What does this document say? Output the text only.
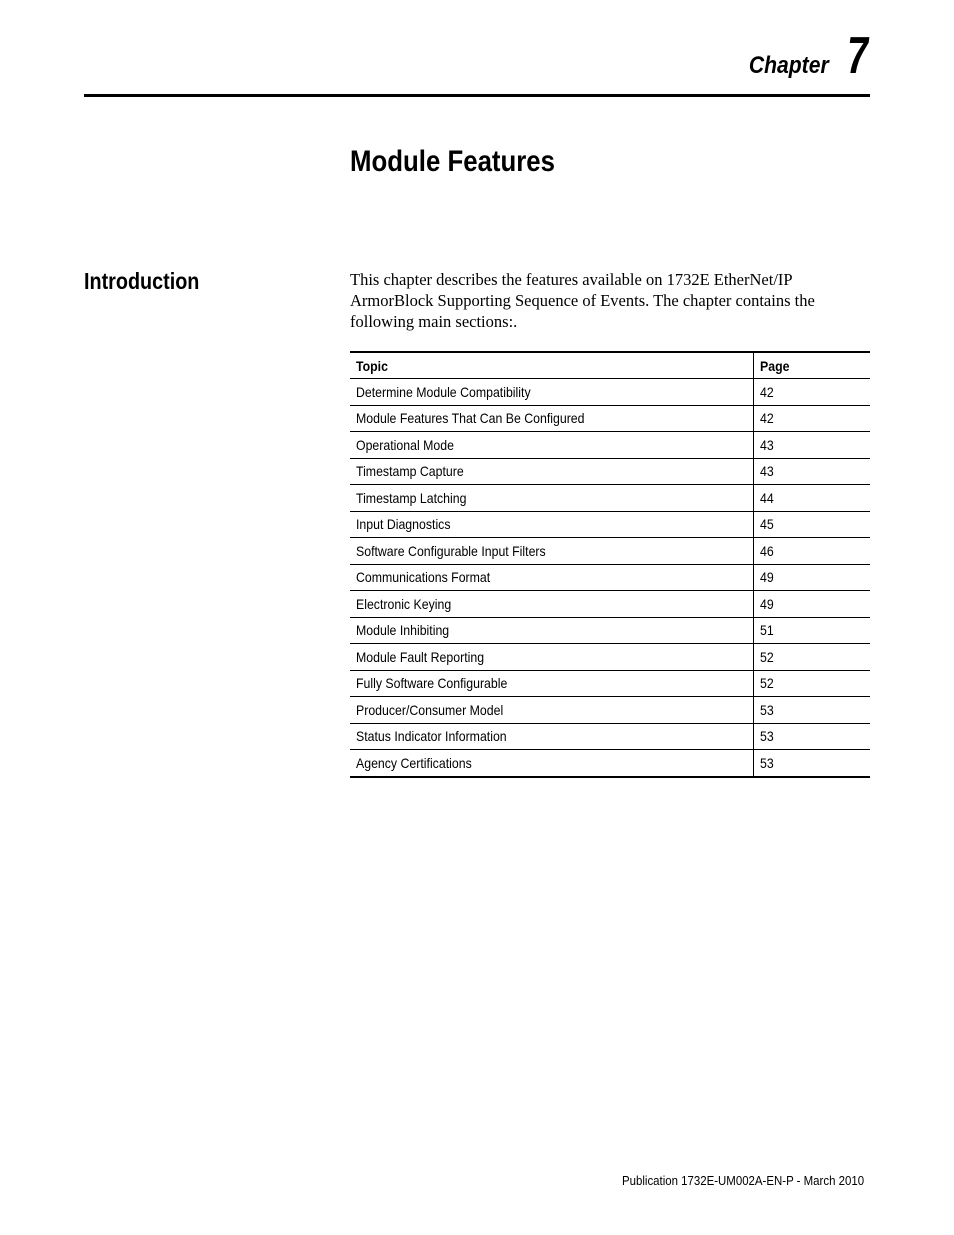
Chapter 7
Module Features
Introduction	This chapter describes the features available on 1732E EtherNet/IP ArmorBlock Supporting Sequence of Events. The chapter contains the following main sections:.

Topic	Page
Determine Module Compatibility	42
Module Features That Can Be Configured	42
Operational Mode	43
Timestamp Capture	43
Timestamp Latching	44
Input Diagnostics	45
Software Configurable Input Filters	46
Communications Format	49
Electronic Keying	49
Module Inhibiting	51
Module Fault Reporting	52
Fully Software Configurable	52
Producer/Consumer Model	53
Status Indicator Information	53
Agency Certifications	53
Publication 1732E-UM002A-EN-P - March 2010
